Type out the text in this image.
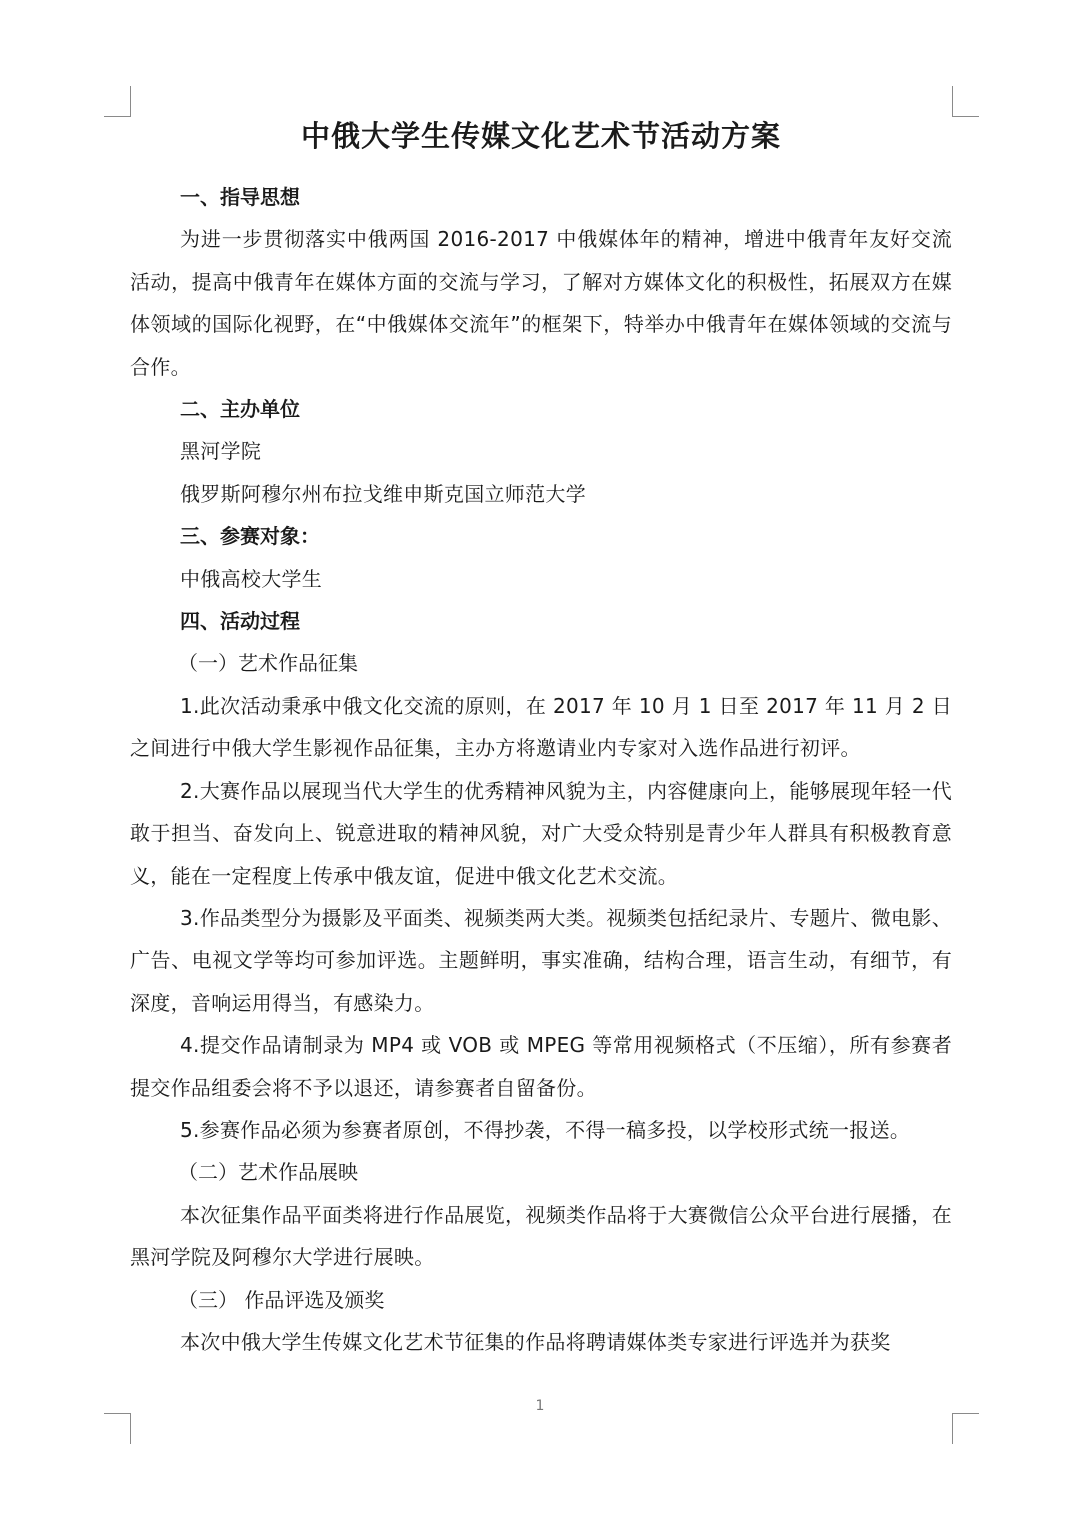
中俄大学生传媒文化艺术节活动方案

一、指导思想

为进一步贯彻落实中俄两国 2016-2017 中俄媒体年的精神，增进中俄青年友好交流活动，提高中俄青年在媒体方面的交流与学习，了解对方媒体文化的积极性，拓展双方在媒体领域的国际化视野，在“中俄媒体交流年”的框架下，特举办中俄青年在媒体领域的交流与合作。

二、主办单位

黑河学院

俄罗斯阿穆尔州布拉戈维申斯克国立师范大学

三、参赛对象：

中俄高校大学生

四、活动过程

（一）艺术作品征集

1.此次活动秉承中俄文化交流的原则，在 2017 年 10 月 1 日至 2017 年 11 月 2 日之间进行中俄大学生影视作品征集，主办方将邀请业内专家对入选作品进行初评。

2.大赛作品以展现当代大学生的优秀精神风貌为主，内容健康向上，能够展现年轻一代敢于担当、奋发向上、锐意进取的精神风貌，对广大受众特别是青少年人群具有积极教育意义，能在一定程度上传承中俄友谊，促进中俄文化艺术交流。

3.作品类型分为摄影及平面类、视频类两大类。视频类包括纪录片、专题片、微电影、广告、电视文学等均可参加评选。主题鲜明，事实准确，结构合理，语言生动，有细节，有深度，音响运用得当，有感染力。

4.提交作品请制录为 MP4 或 VOB 或 MPEG 等常用视频格式（不压缩），所有参赛者提交作品组委会将不予以退还，请参赛者自留备份。

5.参赛作品必须为参赛者原创，不得抄袭，不得一稿多投，以学校形式统一报送。

（二）艺术作品展映

本次征集作品平面类将进行作品展览，视频类作品将于大赛微信公众平台进行展播，在黑河学院及阿穆尔大学进行展映。

（三） 作品评选及颁奖

本次中俄大学生传媒文化艺术节征集的作品将聘请媒体类专家进行评选并为获奖

1
